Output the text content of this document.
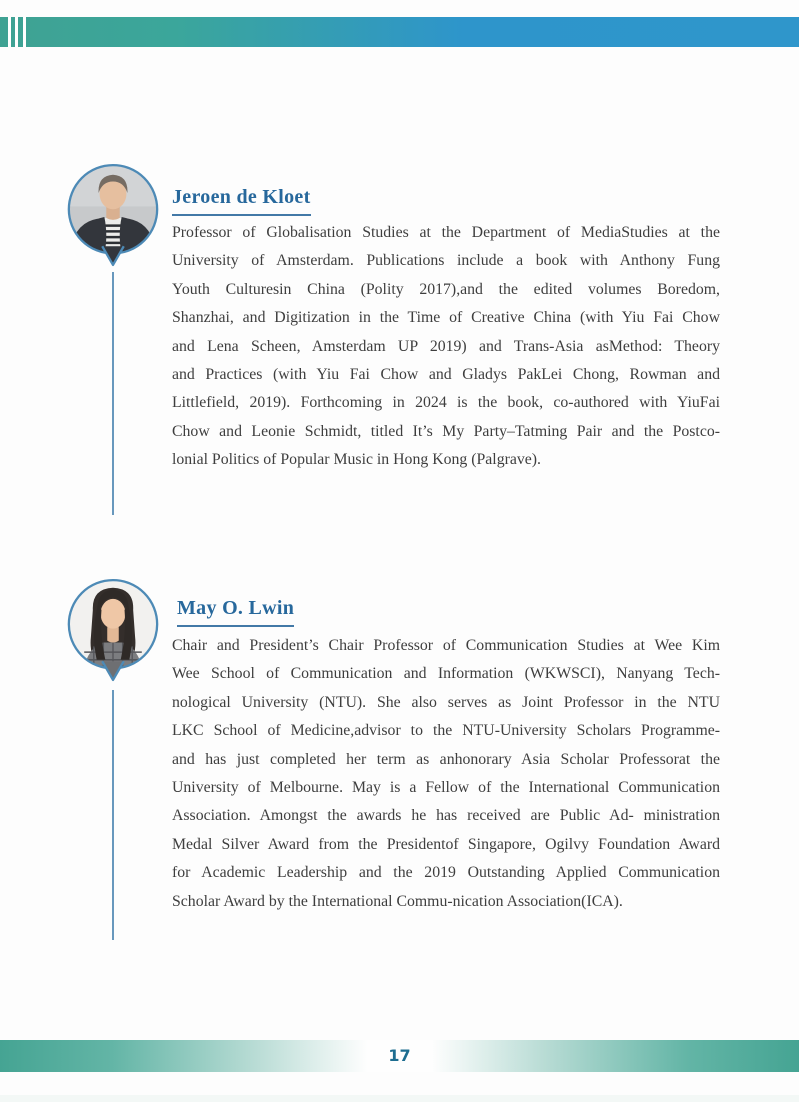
Jeroen de Kloet
Professor of Globalisation Studies at the Department of MediaStudies at the
University of Amsterdam. Publications include a book with Anthony Fung
Youth Culturesin China (Polity 2017),and the edited volumes Boredom,
Shanzhai, and Digitization in the Time of Creative China (with Yiu Fai Chow
and Lena Scheen, Amsterdam UP 2019) and Trans-Asia asMethod: Theory
and Practices (with Yiu Fai Chow and Gladys PakLei Chong, Rowman and
Littlefield, 2019). Forthcoming in 2024 is the book, co-authored with YiuFai
Chow and Leonie Schmidt, titled It’s My Party–Tatming Pair and the Postco-
lonial Politics of Popular Music in Hong Kong (Palgrave).
May O. Lwin
Chair and President’s Chair Professor of Communication Studies at Wee Kim
Wee School of Communication and Information (WKWSCI), Nanyang Tech-
nological University (NTU). She also serves as Joint Professor in the NTU
LKC School of Medicine,advisor to the NTU-University Scholars Programme-
and has just completed her term as anhonorary Asia Scholar Professorat the
University of Melbourne. May is a Fellow of the International Communication
Association. Amongst the awards he has received are Public Ad- ministration
Medal Silver Award from the Presidentof Singapore, Ogilvy Foundation Award
for Academic Leadership and the 2019 Outstanding Applied Communication
Scholar Award by the International Commu-nication Association(ICA).
17
